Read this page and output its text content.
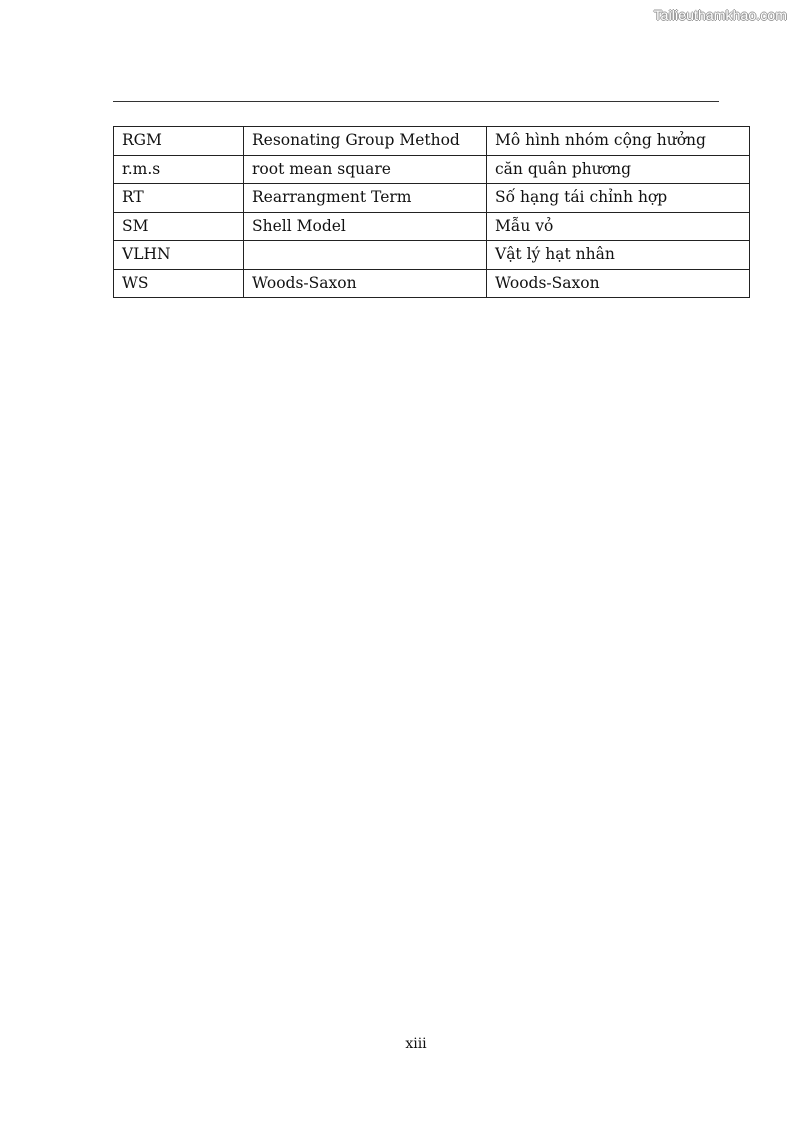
Tailieuthamkhao.com
RGM	Resonating Group Method	Mô hình nhóm cộng hưởng
r.m.s	root mean square	căn quân phương
RT	Rearrangment Term	Số hạng tái chỉnh hợp
SM	Shell Model	Mẫu vỏ
VLHN		Vật lý hạt nhân
WS	Woods-Saxon	Woods-Saxon
xiii
